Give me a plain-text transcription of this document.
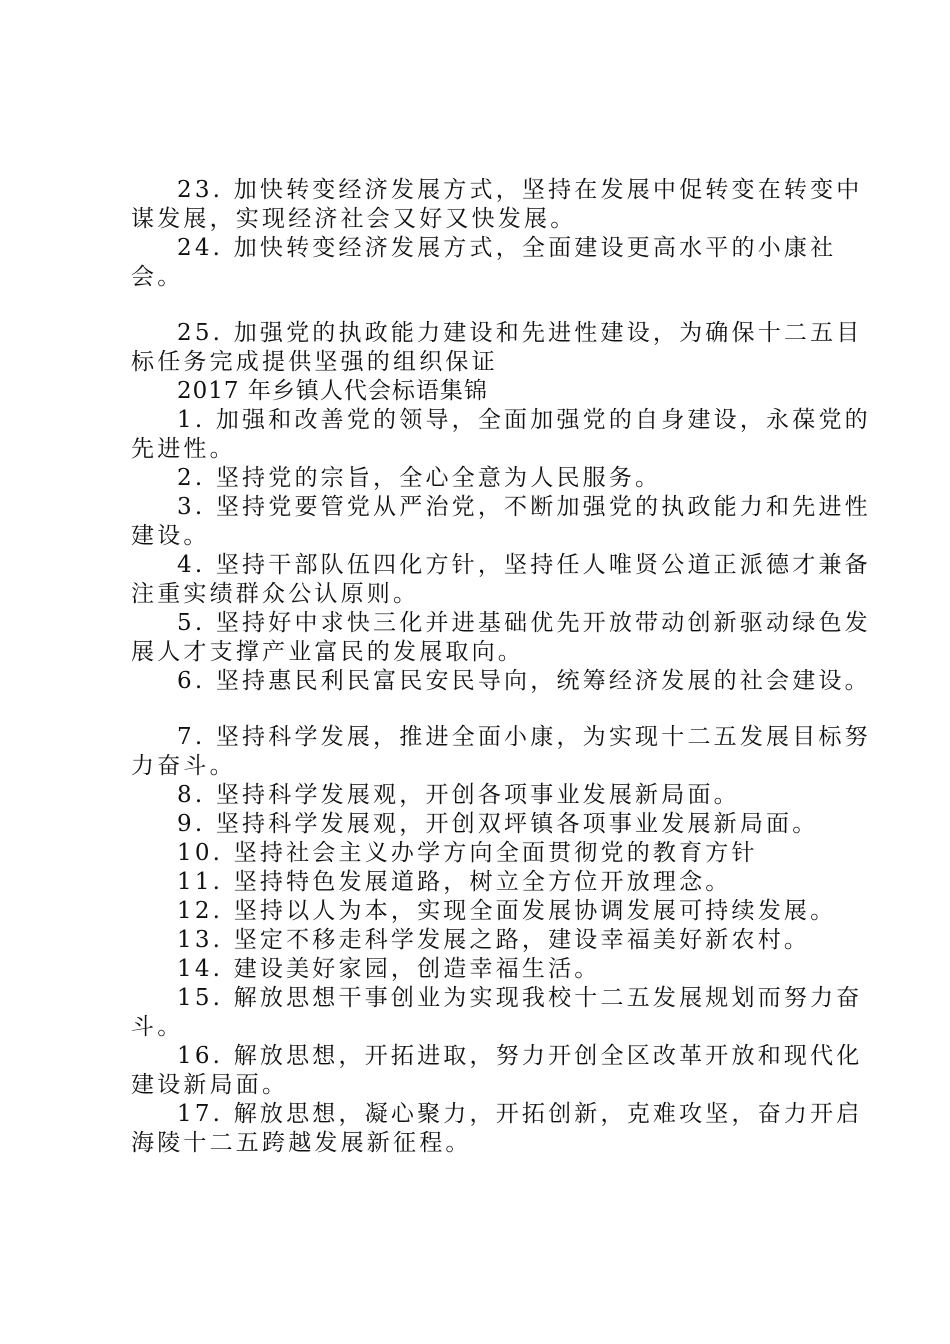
23. 加快转变经济发展方式，坚持在发展中促转变在转变中谋发展，实现经济社会又好又快发展。

24. 加快转变经济发展方式，全面建设更高水平的小康社会。

25. 加强党的执政能力建设和先进性建设，为确保十二五目标任务完成提供坚强的组织保证

2017 年乡镇人代会标语集锦

1. 加强和改善党的领导，全面加强党的自身建设，永葆党的先进性。

2. 坚持党的宗旨，全心全意为人民服务。

3. 坚持党要管党从严治党，不断加强党的执政能力和先进性建设。

4. 坚持干部队伍四化方针，坚持任人唯贤公道正派德才兼备注重实绩群众公认原则。

5. 坚持好中求快三化并进基础优先开放带动创新驱动绿色发展人才支撑产业富民的发展取向。

6. 坚持惠民利民富民安民导向，统筹经济发展的社会建设。

7. 坚持科学发展，推进全面小康，为实现十二五发展目标努力奋斗。

8. 坚持科学发展观，开创各项事业发展新局面。

9. 坚持科学发展观，开创双坪镇各项事业发展新局面。

10. 坚持社会主义办学方向全面贯彻党的教育方针

11. 坚持特色发展道路，树立全方位开放理念。

12. 坚持以人为本，实现全面发展协调发展可持续发展。

13. 坚定不移走科学发展之路，建设幸福美好新农村。

14. 建设美好家园，创造幸福生活。

15. 解放思想干事创业为实现我校十二五发展规划而努力奋斗。

16. 解放思想，开拓进取，努力开创全区改革开放和现代化建设新局面。

17. 解放思想，凝心聚力，开拓创新，克难攻坚，奋力开启海陵十二五跨越发展新征程。
